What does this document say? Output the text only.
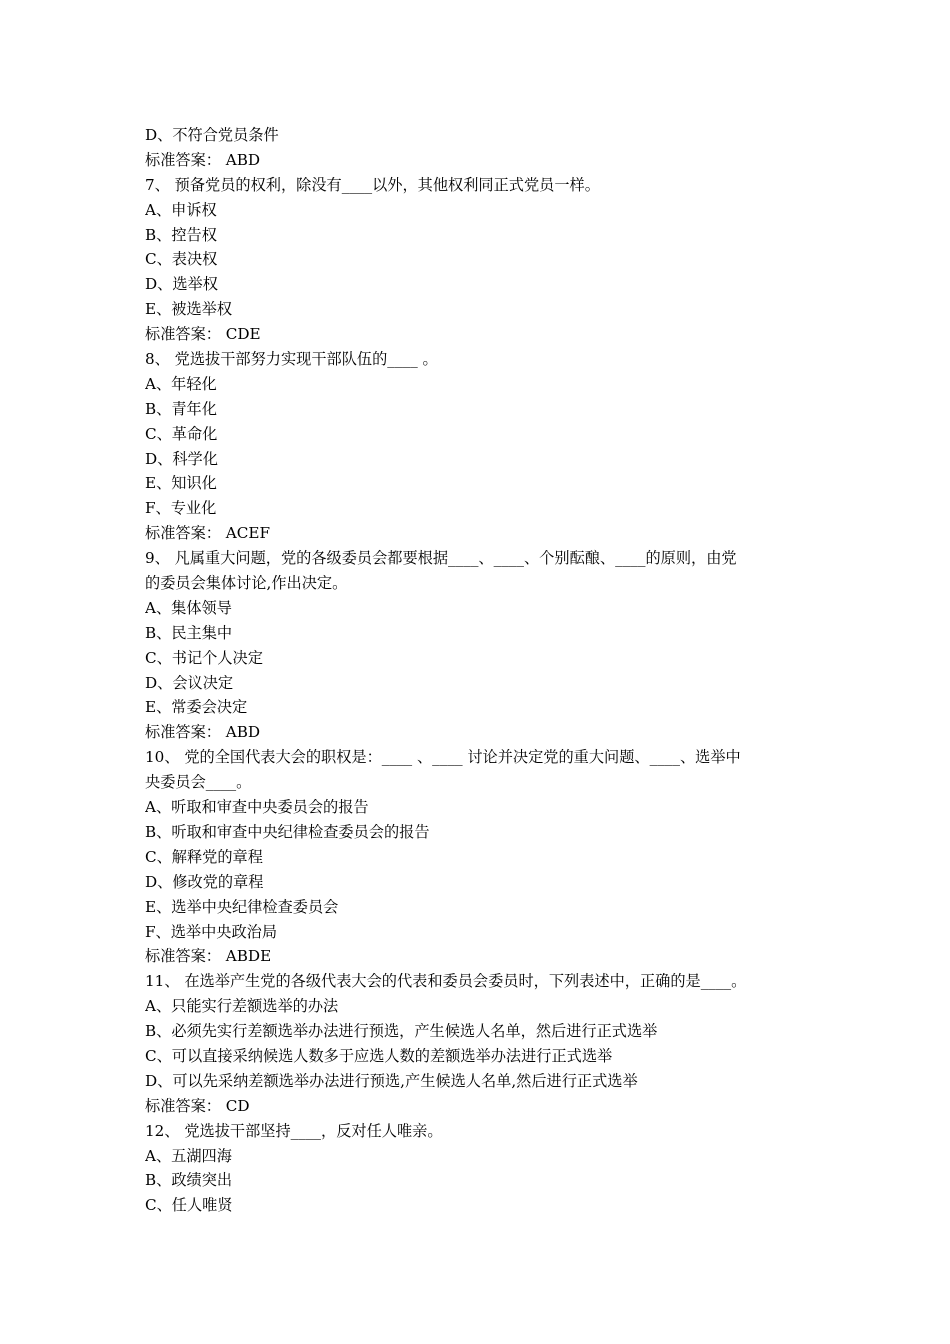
D、不符合党员条件
标准答案： ABD
7、 预备党员的权利，除没有____以外，其他权利同正式党员一样。
A、申诉权
B、控告权
C、表决权
D、选举权
E、被选举权
标准答案： CDE
8、 党选拔干部努力实现干部队伍的____ 。
A、年轻化
B、青年化
C、革命化
D、科学化
E、知识化
F、专业化
标准答案： ACEF
9、 凡属重大问题，党的各级委员会都要根据____、____、个别酝酿、____的原则，由党
的委员会集体讨论,作出决定。
A、集体领导
B、民主集中
C、书记个人决定
D、会议决定
E、常委会决定
标准答案： ABD
10、 党的全国代表大会的职权是：____ 、____ 讨论并决定党的重大问题、____、选举中
央委员会____。
A、听取和审查中央委员会的报告
B、听取和审查中央纪律检查委员会的报告
C、解释党的章程
D、修改党的章程
E、选举中央纪律检查委员会
F、选举中央政治局
标准答案： ABDE
11、 在选举产生党的各级代表大会的代表和委员会委员时，下列表述中，正确的是____。
A、只能实行差额选举的办法
B、必须先实行差额选举办法进行预选，产生候选人名单，然后进行正式选举
C、可以直接采纳候选人数多于应选人数的差额选举办法进行正式选举
D、可以先采纳差额选举办法进行预选,产生候选人名单,然后进行正式选举
标准答案： CD
12、 党选拔干部坚持____，反对任人唯亲。
A、五湖四海
B、政绩突出
C、任人唯贤
